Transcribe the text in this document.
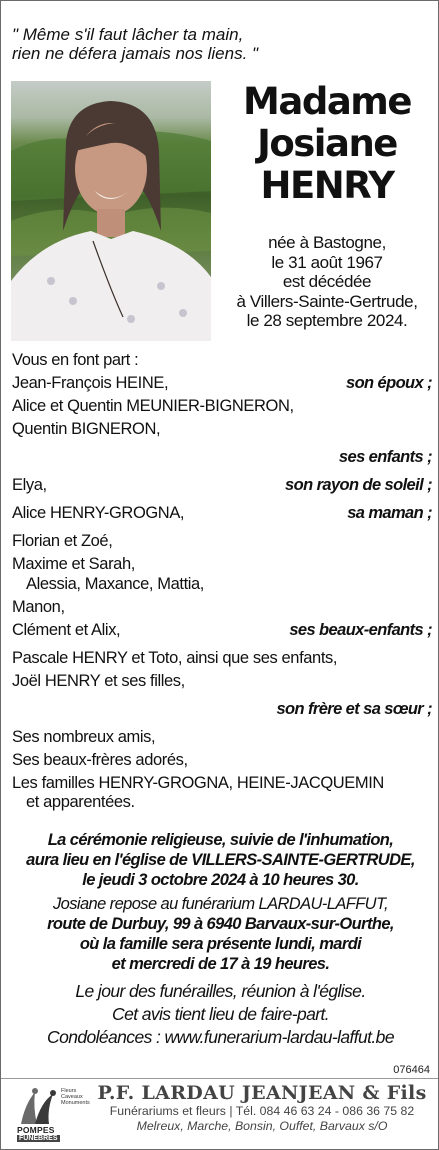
" Même s'il faut lâcher ta main,
rien ne défera jamais nos liens. "
Madame
Josiane
HENRY
née à Bastogne,
le 31 août 1967
est décédée
à Villers-Sainte-Gertrude,
le 28 septembre 2024.
Vous en font part :
Jean-François HEINE,	son époux ;
Alice et Quentin MEUNIER-BIGNERON,
Quentin BIGNERON,
ses enfants ;
Elya,	son rayon de soleil ;
Alice HENRY-GROGNA,	sa maman ;
Florian et Zoé,
Maxime et Sarah,
Alessia, Maxance, Mattia,
Manon,
Clément et Alix,	ses beaux-enfants ;
Pascale HENRY et Toto, ainsi que ses enfants,
Joël HENRY et ses filles,
son frère et sa sœur ;
Ses nombreux amis,
Ses beaux-frères adorés,
Les familles HENRY-GROGNA, HEINE-JACQUEMIN
et apparentées.
La cérémonie religieuse, suivie de l'inhumation,
aura lieu en l'église de VILLERS-SAINTE-GERTRUDE,
le jeudi 3 octobre 2024 à 10 heures 30.
Josiane repose au funérarium LARDAU-LAFFUT,
route de Durbuy, 99 à 6940 Barvaux-sur-Ourthe,
où la famille sera présente lundi, mardi
et mercredi de 17 à 19 heures.
Le jour des funérailles, réunion à l'église.
Cet avis tient lieu de faire-part.
Condoléances : www.funerarium-lardau-laffut.be
076464
Fleurs
Caveaux
Monuments
POMPES
FUNÈBRES
P.F. LARDAU JEANJEAN & Fils
Funérariums et fleurs | Tél. 084 46 63 24 - 086 36 75 82
Melreux, Marche, Bonsin, Ouffet, Barvaux s/O
